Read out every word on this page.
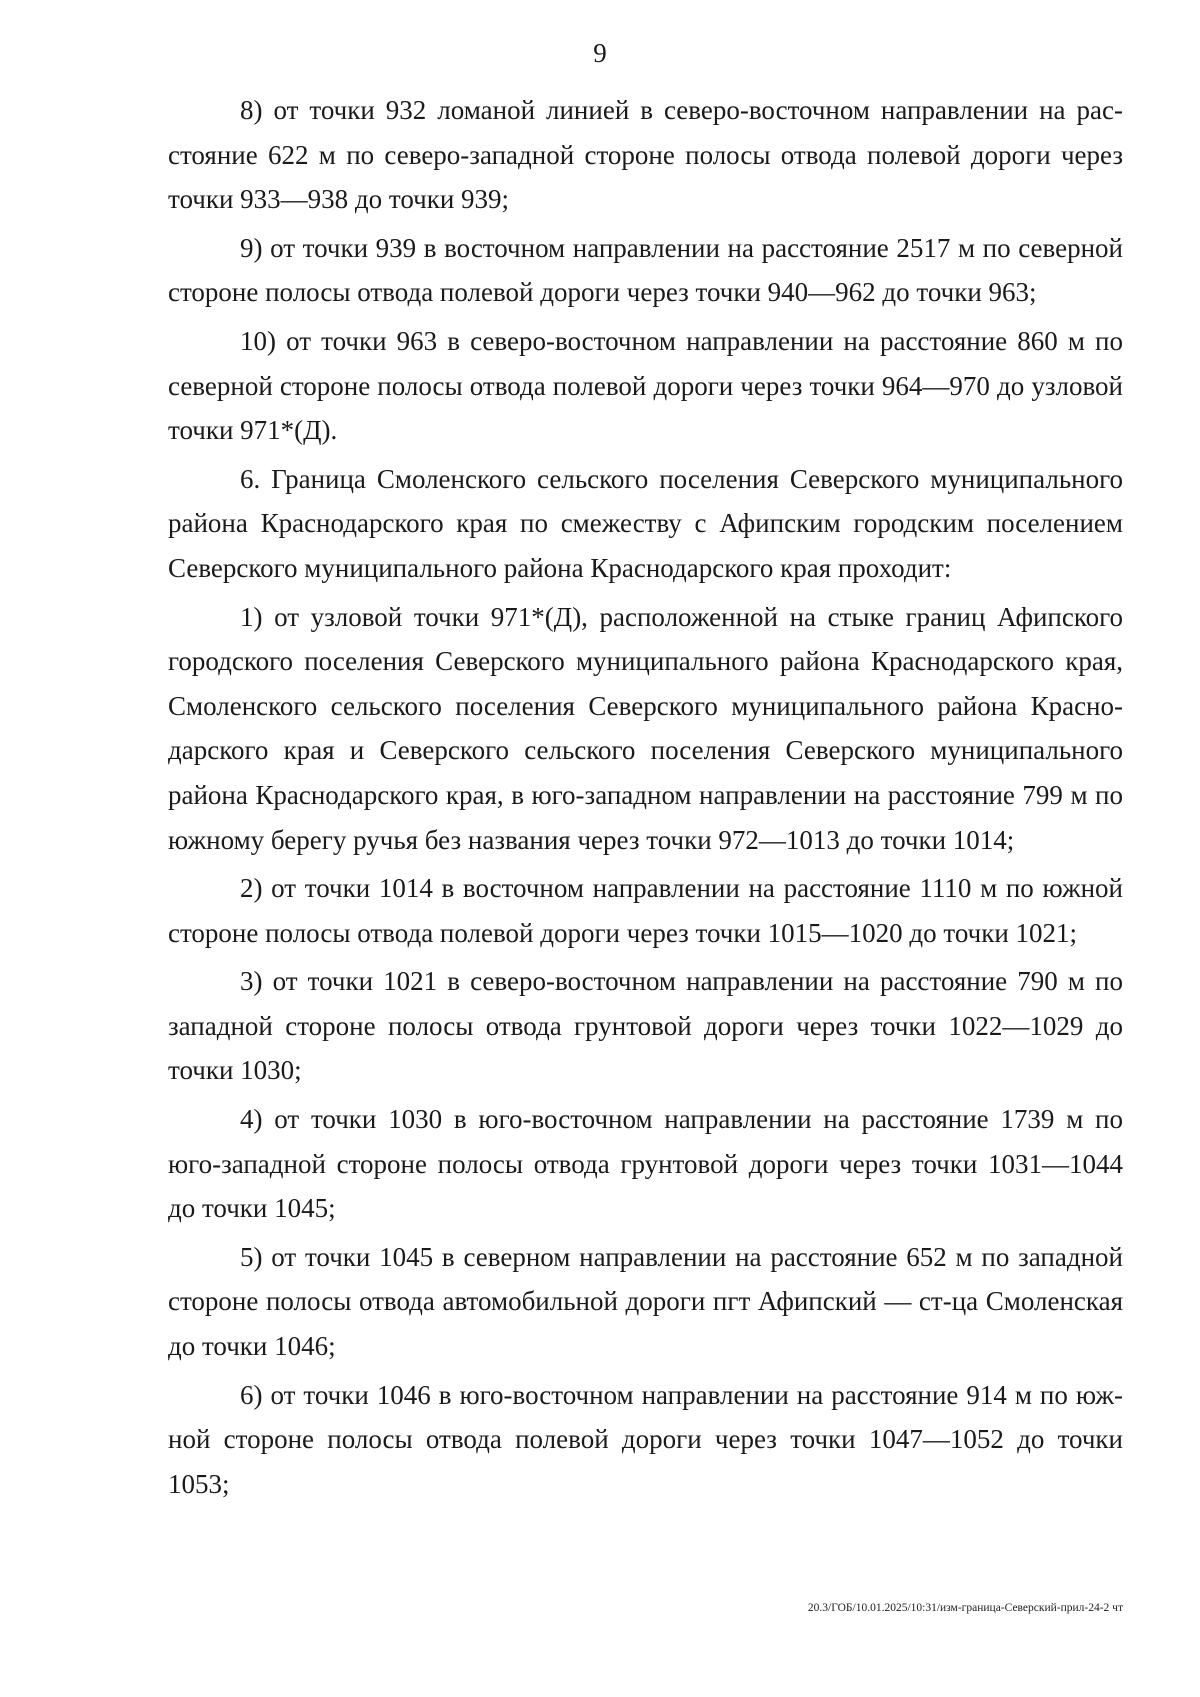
9

8) от точки 932 ломаной линией в северо-восточном направлении на расстояние 622 м по северо-западной стороне полосы отвода полевой дороги через точки 933—938 до точки 939;

9) от точки 939 в восточном направлении на расстояние 2517 м по северной стороне полосы отвода полевой дороги через точки 940—962 до точки 963;

10) от точки 963 в северо-восточном направлении на расстояние 860 м по северной стороне полосы отвода полевой дороги через точки 964—970 до узловой точки 971*(Д).

6. Граница Смоленского сельского поселения Северского муниципального района Краснодарского края по смежеству с Афипским городским поселением Северского муниципального района Краснодарского края проходит:

1) от узловой точки 971*(Д), расположенной на стыке границ Афипского городского поселения Северского муниципального района Краснодарского края, Смоленского сельского поселения Северского муниципального района Краснодарского края и Северского сельского поселения Северского муниципального района Краснодарского края, в юго-западном направлении на расстояние 799 м по южному берегу ручья без названия через точки 972—1013 до точки 1014;

2) от точки 1014 в восточном направлении на расстояние 1110 м по южной стороне полосы отвода полевой дороги через точки 1015—1020 до точки 1021;

3) от точки 1021 в северо-восточном направлении на расстояние 790 м по западной стороне полосы отвода грунтовой дороги через точки 1022—1029 до точки 1030;

4) от точки 1030 в юго-восточном направлении на расстояние 1739 м по юго-западной стороне полосы отвода грунтовой дороги через точки 1031—1044 до точки 1045;

5) от точки 1045 в северном направлении на расстояние 652 м по западной стороне полосы отвода автомобильной дороги пгт Афипский — ст-ца Смоленская до точки 1046;

6) от точки 1046 в юго-восточном направлении на расстояние 914 м по южной стороне полосы отвода полевой дороги через точки 1047—1052 до точки 1053;

20.3/ГОБ/10.01.2025/10:31/изм-граница-Северский-прил-24-2 чт
